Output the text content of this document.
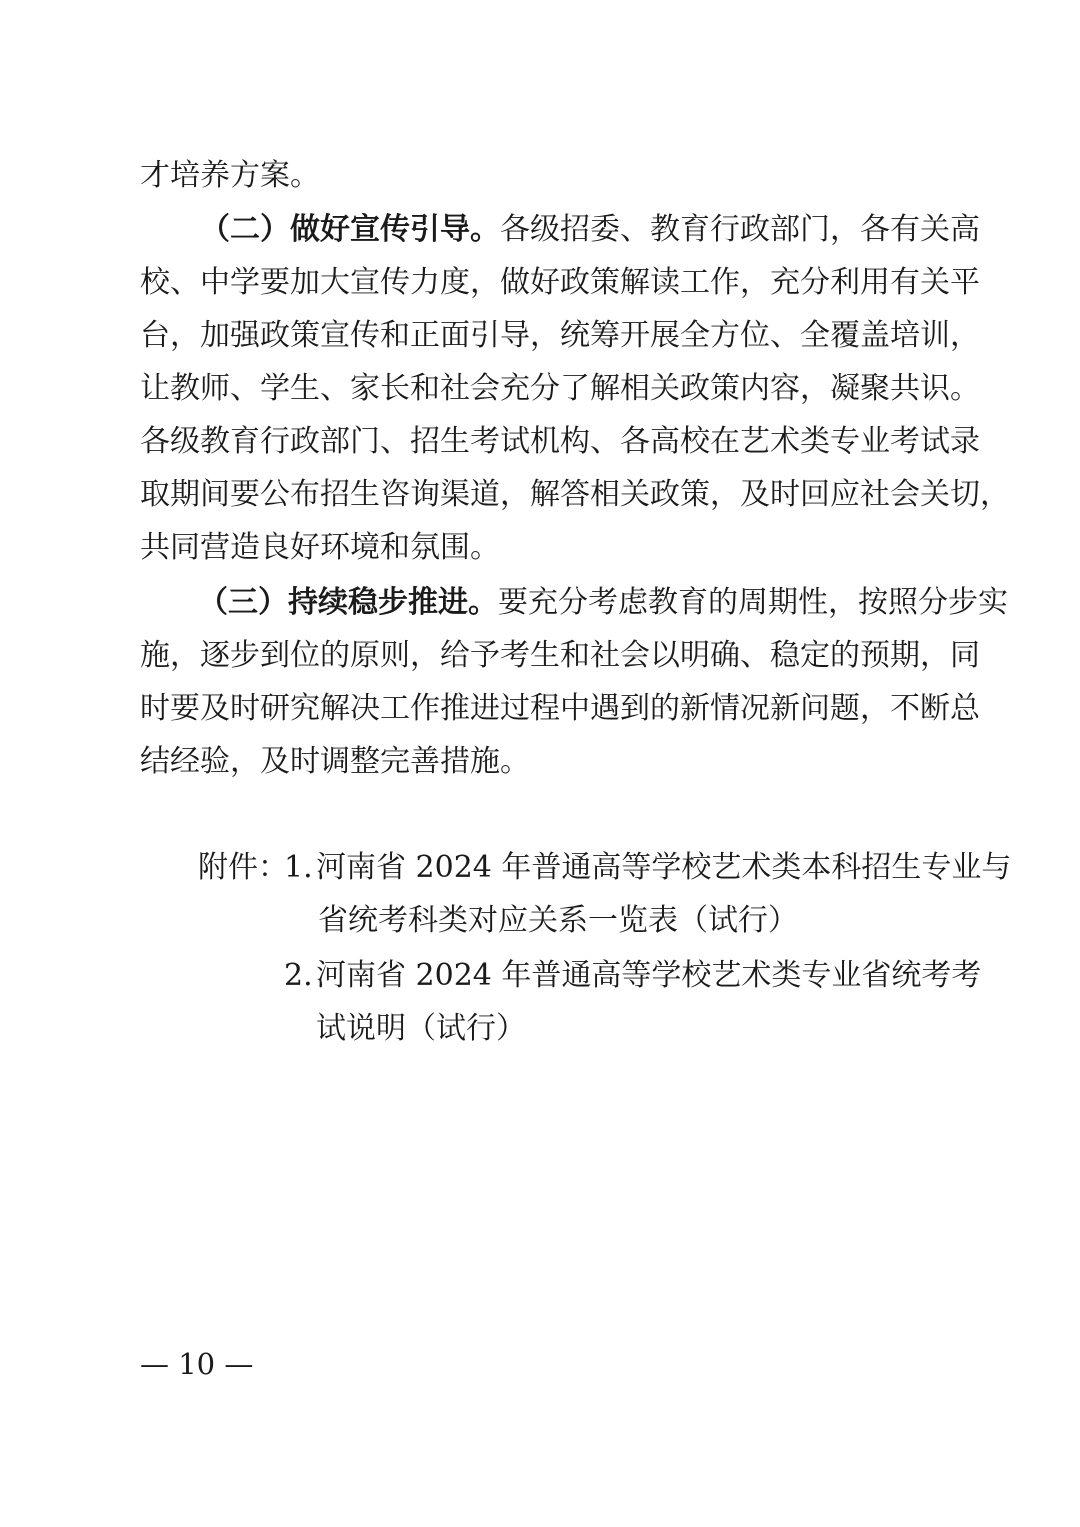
才培养方案。
（二）做好宣传引导。各级招委、教育行政部门，各有关高
校、中学要加大宣传力度，做好政策解读工作，充分利用有关平
台，加强政策宣传和正面引导，统筹开展全方位、全覆盖培训，
让教师、学生、家长和社会充分了解相关政策内容，凝聚共识。
各级教育行政部门、招生考试机构、各高校在艺术类专业考试录
取期间要公布招生咨询渠道，解答相关政策，及时回应社会关切，
共同营造良好环境和氛围。
（三）持续稳步推进。要充分考虑教育的周期性，按照分步实
施，逐步到位的原则，给予考生和社会以明确、稳定的预期，同
时要及时研究解决工作推进过程中遇到的新情况新问题，不断总
结经验，及时调整完善措施。
附件：
1. 河南省 2024 年普通高等学校艺术类本科招生专业与
省统考科类对应关系一览表（试行）
2. 河南省 2024 年普通高等学校艺术类专业省统考考
试说明（试行）
— 10 —
